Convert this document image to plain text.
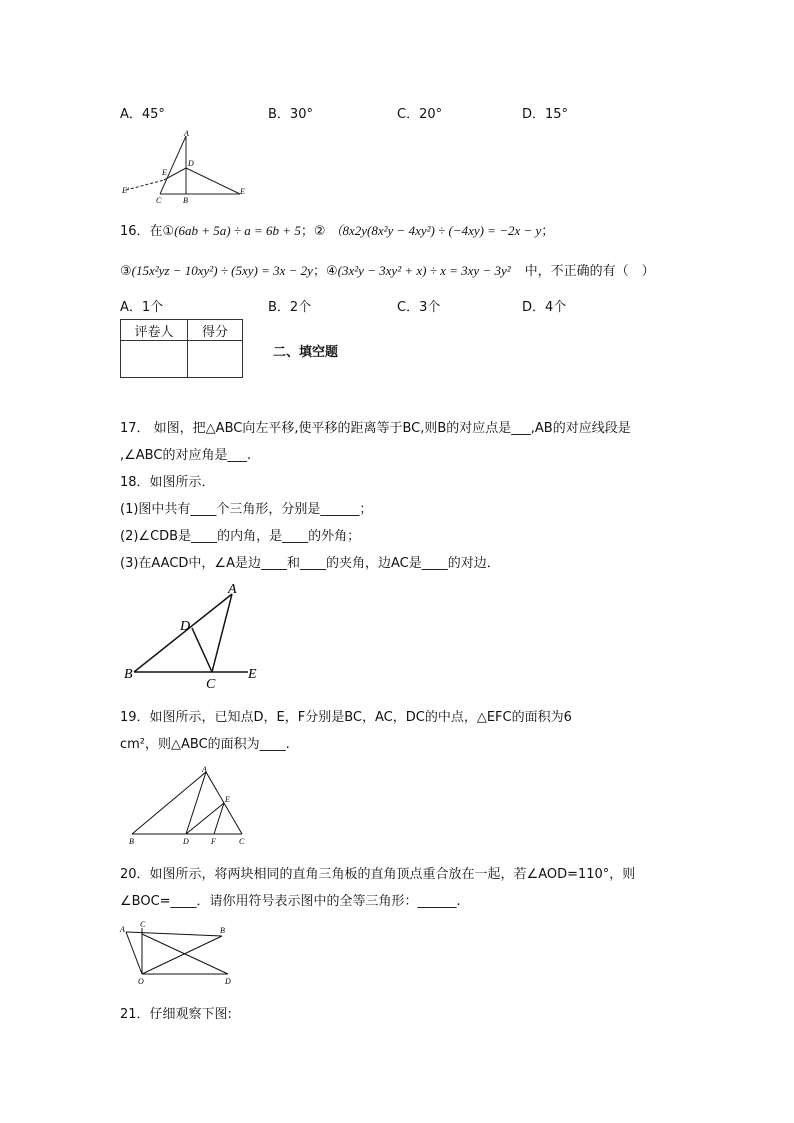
A．45°	B．30°	C．20°	D．15°
A
D
E
E'
C	B
E
16．在①(6ab + 5a) ÷ a = 6b + 5；② （8x2y(8x²y − 4xy²) ÷ (−4xy) = −2x − y；
③(15x²yz − 10xy²) ÷ (5xy) = 3x − 2y；④(3x²y − 3xy² + x) ÷ x = 3xy − 3y² 中，不正确的有（　）
A．1个	B．2个	C．3个	D．4个
评卷人	得分

二、填空题
17． 如图，把△ABC向左平移,使平移的距离等于BC,则B的对应点是___,AB的对应线段是
,∠ABC的对应角是___.
18．如图所示．
(1)图中共有____个三角形，分别是______；
(2)∠CDB是____的内角，是____的外角；
(3)在AACD中，∠A是边____和____的夹角，边AC是____的对边．
A
D
B
C
E
19．如图所示，已知点D，E，F分别是BC，AC，DC的中点，△EFC的面积为6
cm²，则△ABC的面积为____.
A
E
B	D	F	C
20．如图所示，将两块相同的直角三角板的直角顶点重合放在一起，若∠AOD=110°，则
∠BOC=____．请你用符号表示图中的全等三角形：______.
A
C
B
O	D
21．仔细观察下图:
